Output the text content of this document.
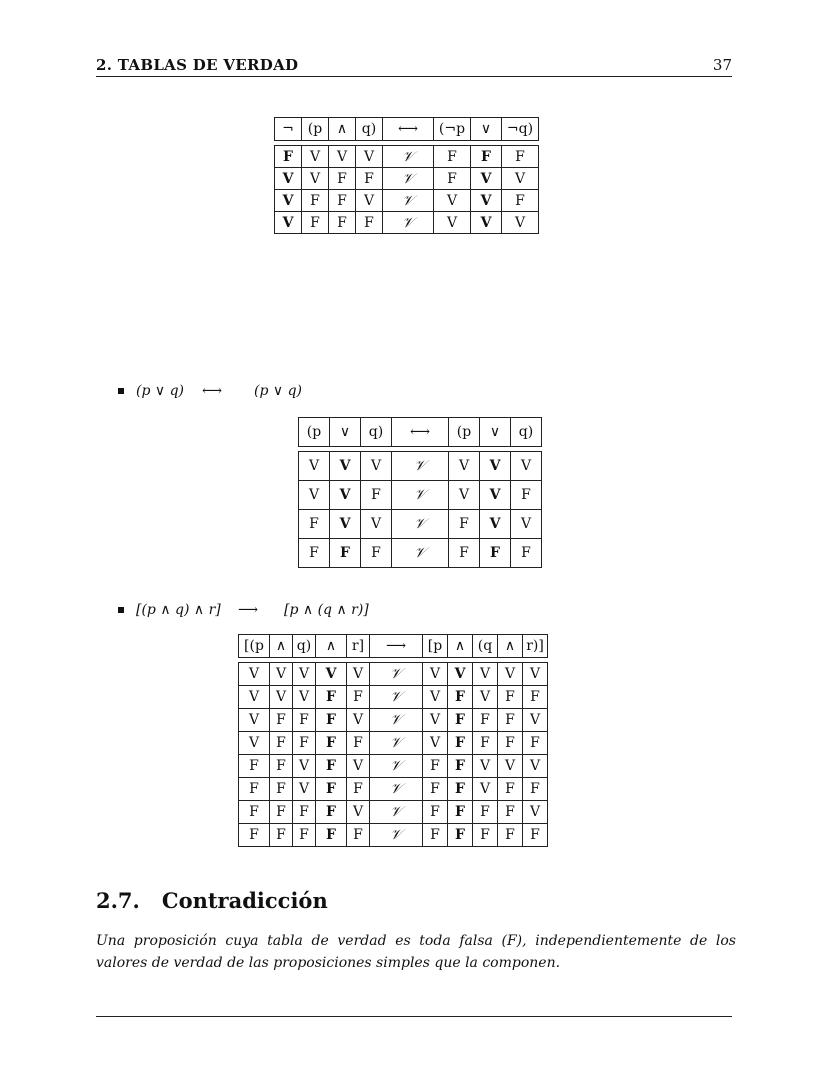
2. TABLAS DE VERDAD	37
¬	(p	∧	q)	⟷	(¬p	∨	¬q)

F	V	V	V	𝒱	F	F	F
V	V	F	F	𝒱	F	V	V
V	F	F	V	𝒱	V	V	F
V	F	F	F	𝒱	V	V	V
(p ∨ q) ⟷ (p ∨ q)
(p	∨	q)	⟷	(p	∨	q)

V	V	V	𝒱	V	V	V
V	V	F	𝒱	V	V	F
F	V	V	𝒱	F	V	V
F	F	F	𝒱	F	F	F
[(p ∧ q) ∧ r] ⟶ [p ∧ (q ∧ r)]
[(p	∧	q)	∧	r]	⟶	[p	∧	(q	∧	r)]

V	V	V	V	V	𝒱	V	V	V	V	V
V	V	V	F	F	𝒱	V	F	V	F	F
V	F	F	F	V	𝒱	V	F	F	F	V
V	F	F	F	F	𝒱	V	F	F	F	F
F	F	V	F	V	𝒱	F	F	V	V	V
F	F	V	F	F	𝒱	F	F	V	F	F
F	F	F	F	V	𝒱	F	F	F	F	V
F	F	F	F	F	𝒱	F	F	F	F	F
2.7. Contradicción
Una proposición cuya tabla de verdad es toda falsa (F), independientemente de los valores de verdad de las proposiciones simples que la componen.
